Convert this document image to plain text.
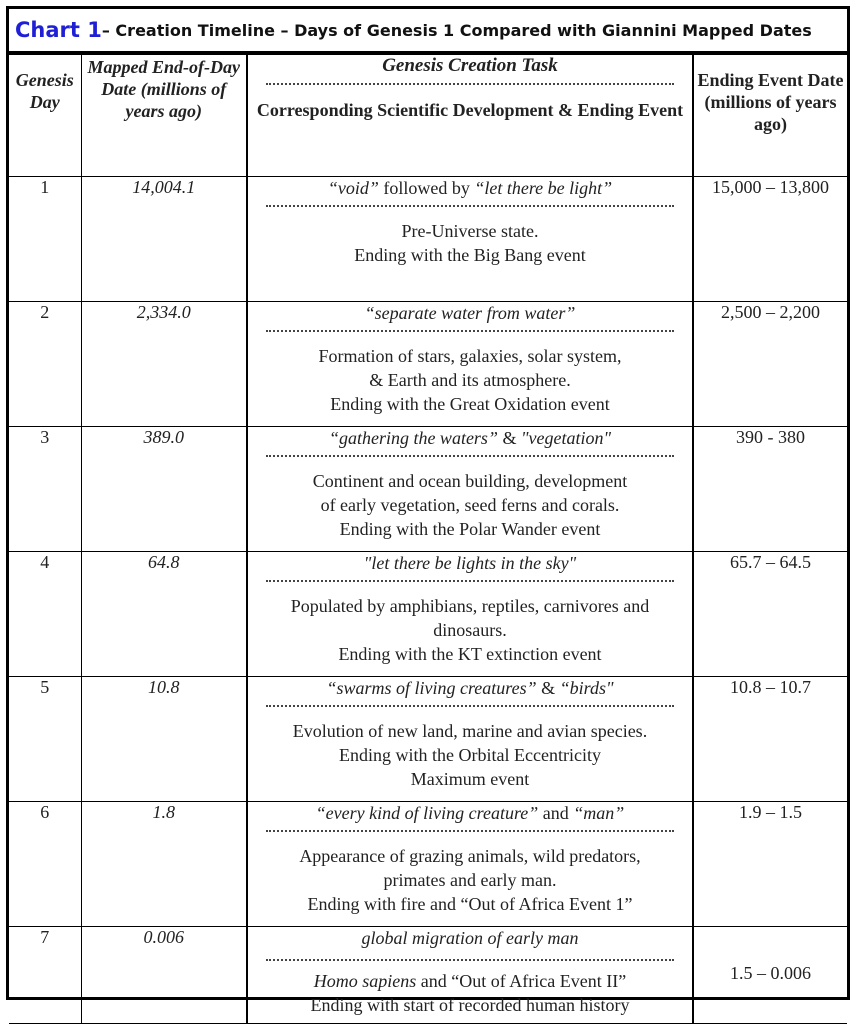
Chart 1 – Creation Timeline – Days of Genesis 1 Compared with Giannini Mapped Dates
Genesis Day	Mapped End-of-Day Date (millions of years ago)	Genesis Creation Task
Corresponding Scientific Development & Ending Event	Ending Event Date (millions of years ago)
1	14,004.1	“void” followed by “let there be light”
Pre-Universe state.
Ending with the Big Bang event	15,000 – 13,800
2	2,334.0	“separate water from water”
Formation of stars, galaxies, solar system,
& Earth and its atmosphere.
Ending with the Great Oxidation event	2,500 – 2,200
3	389.0	“gathering the waters” & "vegetation"
Continent and ocean building, development
of early vegetation, seed ferns and corals.
Ending with the Polar Wander event	390 - 380
4	64.8	"let there be lights in the sky"
Populated by amphibians, reptiles, carnivores and
dinosaurs.
Ending with the KT extinction event	65.7 – 64.5
5	10.8	“swarms of living creatures” & “birds"
Evolution of new land, marine and avian species.
Ending with the Orbital Eccentricity
Maximum event	10.8 – 10.7
6	1.8	“every kind of living creature” and “man”
Appearance of grazing animals, wild predators,
primates and early man.
Ending with fire and “Out of Africa Event 1”	1.9 – 1.5
7	0.006	global migration of early man
Homo sapiens and “Out of Africa Event II”
Ending with start of recorded human history	1.5 – 0.006
